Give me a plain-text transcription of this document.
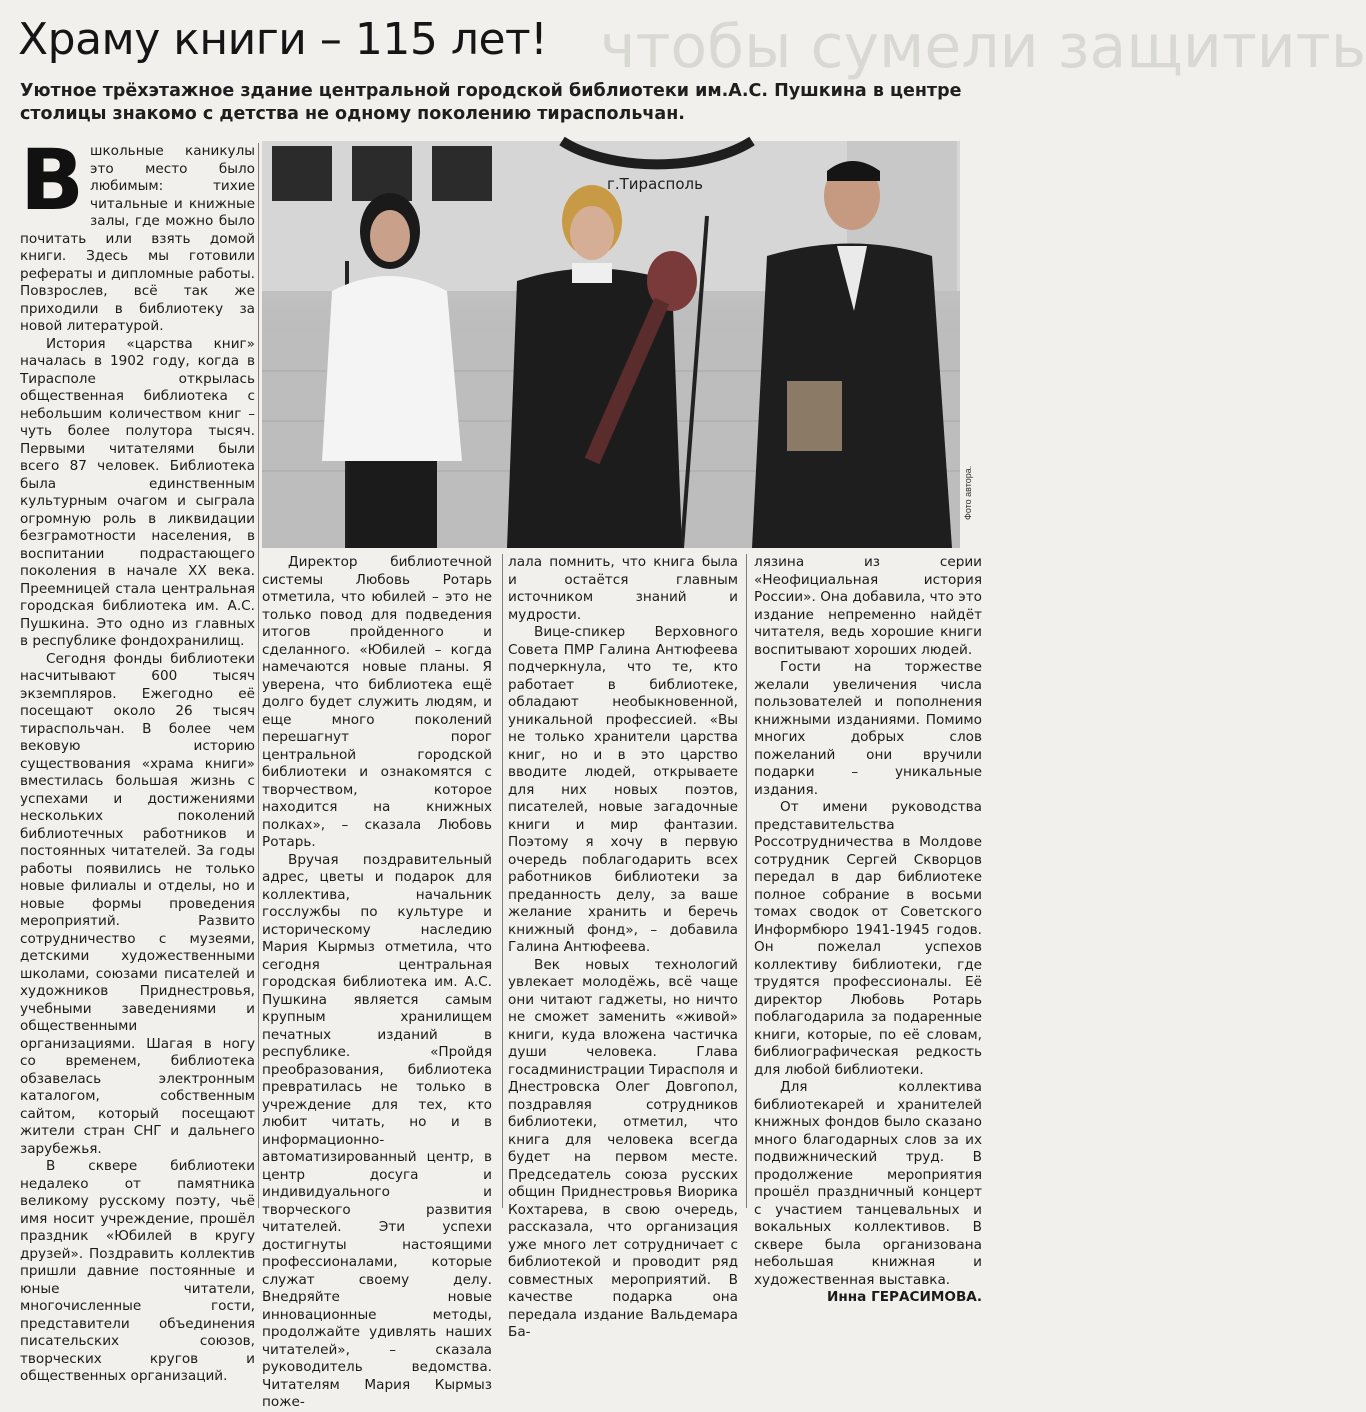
чтобы сумели защитить
Храму книги – 115 лет!

Уютное трёхэтажное здание центральной городской библиотеки им.А.С. Пушкина в центре столицы знакомо с детства не одному поколению тираспольчан.

г.Тирасполь
Фото автора.
В школьные каникулы это место было любимым: тихие читальные и книжные залы, где можно было почитать или взять домой книги. Здесь мы готовили рефераты и дипломные работы. Повзрослев, всё так же приходили в библиотеку за новой литературой.

История «царства книг» началась в 1902 году, когда в Тирасполе открылась общественная библиотека с небольшим количеством книг – чуть более полутора тысяч. Первыми читателями были всего 87 человек. Библиотека была единственным культурным очагом и сыграла огромную роль в ликвидации безграмотности населения, в воспитании подрастающего поколения в начале XX века. Преемницей стала центральная городская библиотека им. А.С. Пушкина. Это одно из главных в республике фондохранилищ.

Сегодня фонды библиотеки насчитывают 600 тысяч экземпляров. Ежегодно её посещают около 26 тысяч тираспольчан. В более чем вековую историю существования «храма книги» вместилась большая жизнь с успехами и достижениями нескольких поколений библиотечных работников и постоянных читателей. За годы работы появились не только новые филиалы и отделы, но и новые формы проведения мероприятий. Развито сотрудничество с музеями, детскими художественными школами, союзами писателей и художников Приднестровья, учебными заведениями и общественными организациями. Шагая в ногу со временем, библиотека обзавелась электронным каталогом, собственным сайтом, который посещают жители стран СНГ и дальнего зарубежья.

В сквере библиотеки недалеко от памятника великому русскому поэту, чьё имя носит учреждение, прошёл праздник «Юбилей в кругу друзей». Поздравить коллектив пришли давние постоянные и юные читатели, многочисленные гости, представители объединения писательских союзов, творческих кругов и общественных организаций.

Директор библиотечной системы Любовь Ротарь отметила, что юбилей – это не только повод для подведения итогов пройденного и сделанного. «Юбилей – когда намечаются новые планы. Я уверена, что библиотека ещё долго будет служить людям, и еще много поколений перешагнут порог центральной городской библиотеки и ознакомятся с творчеством, которое находится на книжных полках», – сказала Любовь Ротарь.

Вручая поздравительный адрес, цветы и подарок для коллектива, начальник госслужбы по культуре и историческому наследию Мария Кырмыз отметила, что сегодня центральная городская библиотека им. А.С. Пушкина является самым крупным хранилищем печатных изданий в республике. «Пройдя преобразования, библиотека превратилась не только в учреждение для тех, кто любит читать, но и в информационно-автоматизированный центр, в центр досуга и индивидуального и творческого развития читателей. Эти успехи достигнуты настоящими профессионалами, которые служат своему делу. Внедряйте новые инновационные методы, продолжайте удивлять наших читателей», – сказала руководитель ведомства. Читателям Мария Кырмыз поже-

лала помнить, что книга была и остаётся главным источником знаний и мудрости.

Вице-спикер Верховного Совета ПМР Галина Антюфеева подчеркнула, что те, кто работает в библиотеке, обладают необыкновенной, уникальной профессией. «Вы не только хранители царства книг, но и в это царство вводите людей, открываете для них новых поэтов, писателей, новые загадочные книги и мир фантазии. Поэтому я хочу в первую очередь поблагодарить всех работников библиотеки за преданность делу, за ваше желание хранить и беречь книжный фонд», – добавила Галина Антюфеева.

Век новых технологий увлекает молодёжь, всё чаще они читают гаджеты, но ничто не сможет заменить «живой» книги, куда вложена частичка души человека. Глава госадминистрации Тирасполя и Днестровска Олег Довгопол, поздравляя сотрудников библиотеки, отметил, что книга для человека всегда будет на первом месте. Председатель союза русских общин Приднестровья Виорика Кохтарева, в свою очередь, рассказала, что организация уже много лет сотрудничает с библиотекой и проводит ряд совместных мероприятий. В качестве подарка она передала издание Вальдемара Ба-

лязина из серии «Неофициальная история России». Она добавила, что это издание непременно найдёт читателя, ведь хорошие книги воспитывают хороших людей.

Гости на торжестве желали увеличения числа пользователей и пополнения книжными изданиями. Помимо многих добрых слов пожеланий они вручили подарки – уникальные издания.

От имени руководства представительства Россотрудничества в Молдове сотрудник Сергей Скворцов передал в дар библиотеке полное собрание в восьми томах сводок от Советского Информбюро 1941-1945 годов. Он пожелал успехов коллективу библиотеки, где трудятся профессионалы. Её директор Любовь Ротарь поблагодарила за подаренные книги, которые, по её словам, библиографическая редкость для любой библиотеки.

Для коллектива библиотекарей и хранителей книжных фондов было сказано много благодарных слов за их подвижнический труд. В продолжение мероприятия прошёл праздничный концерт с участием танцевальных и вокальных коллективов. В сквере была организована небольшая книжная и художественная выставка.

Инна ГЕРАСИМОВА.
